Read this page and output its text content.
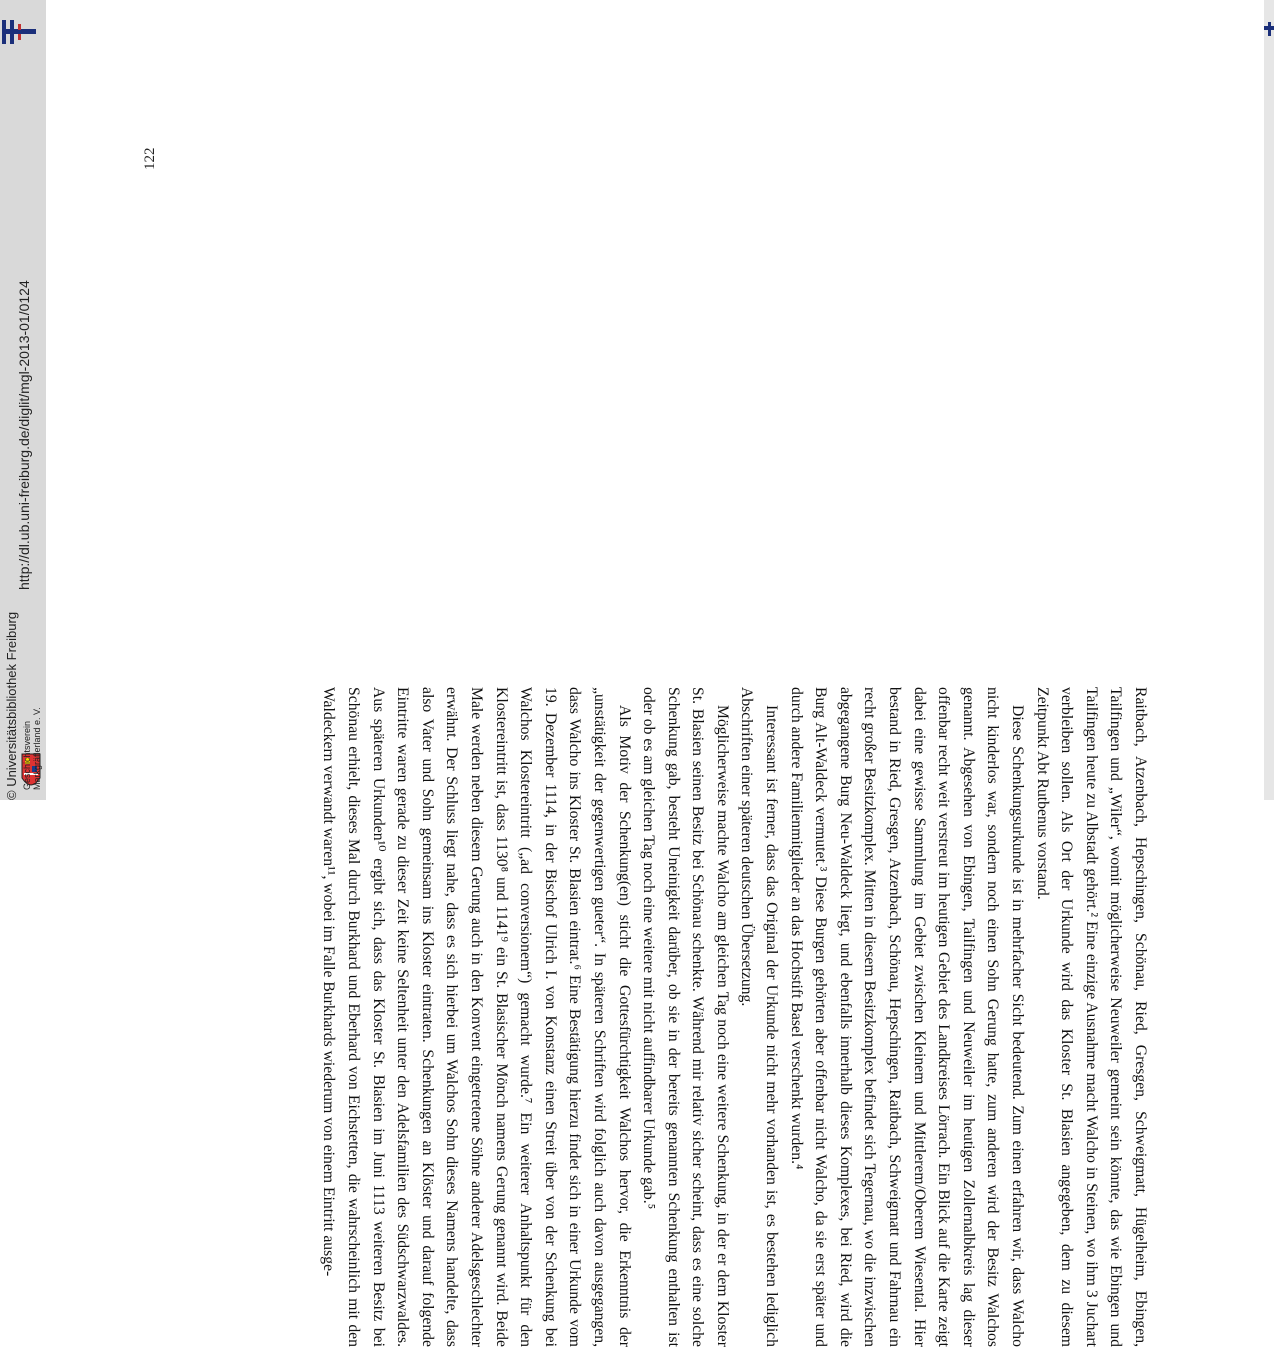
Geschichtsverein Markgräflerland e. V.
http://dl.ub.uni-freiburg.de/diglit/mgl-2013-01/0124
© Universitätsbibliothek Freiburg	Raitbach, Atzenbach, Hepschingen, Schönau, Ried, Gresgen, Schweigmatt, Hügelheim, Ebingen, Tailfingen und „Wiler“, womit möglicherweise Neuweiler gemeint sein könnte, das wie Ebingen und Tailfingen heute zu Albstadt gehört.² Eine einzige Ausnahme macht Walcho in Steinen, wo ihm 3 Juchart verbleiben sollen. Als Ort der Urkunde wird das Kloster St. Blasien angegeben, dem zu diesem Zeitpunkt Abt Rutbenus vorstand.

Diese Schenkungsurkunde ist in mehrfacher Sicht bedeutend. Zum einen erfahren wir, dass Walcho nicht kinderlos war, sondern noch einen Sohn Gerung hatte, zum anderen wird der Besitz Walchos genannt. Abgesehen von Ebingen, Tailfingen und Neuweiler im heutigen Zollernalbkreis lag dieser offenbar recht weit verstreut im heutigen Gebiet des Landkreises Lörrach. Ein Blick auf die Karte zeigt dabei eine gewisse Sammlung im Gebiet zwischen Kleinem und Mittlerem/Oberem Wiesental. Hier bestand in Ried, Gresgen, Atzenbach, Schönau, Hepschingen, Raitbach, Schweigmatt und Fahrnau ein recht großer Besitzkomplex. Mitten in diesem Besitzkomplex befindet sich Tegernau, wo die inzwischen abgegangene Burg Neu-Waldeck liegt, und ebenfalls innerhalb dieses Komplexes, bei Ried, wird die Burg Alt-Waldeck vermutet.³ Diese Burgen gehörten aber offenbar nicht Walcho, da sie erst später und durch andere Familienmitglieder an das Hochstift Basel verschenkt wurden.⁴

Interessant ist ferner, dass das Original der Urkunde nicht mehr vorhanden ist, es bestehen lediglich Abschriften einer späteren deutschen Übersetzung.

Möglicherweise machte Walcho am gleichen Tag noch eine weitere Schenkung, in der er dem Kloster St. Blasien seinen Besitz bei Schönau schenkte. Während mir relativ sicher scheint, dass es eine solche Schenkung gab, besteht Uneinigkeit darüber, ob sie in der bereits genannten Schenkung enthalten ist oder ob es am gleichen Tag noch eine weitere mit nicht auffindbarer Urkunde gab.⁵

Als Motiv der Schenkung(en) sticht die Gottesfürchtigkeit Walchos hervor, die Erkenntnis der „unstätigkeit der gegenwertigen gueter“. In späteren Schriften wird folglich auch davon ausgegangen, dass Walcho ins Kloster St. Blasien eintrat.⁶ Eine Bestätigung hierzu findet sich in einer Urkunde vom 19. Dezember 1114, in der Bischof Ulrich I. von Konstanz einen Streit über von der Schenkung bei Walchos Klostereintritt („ad conversionem“) gemacht wurde.⁷ Ein weiterer Anhaltspunkt für den Klostereintritt ist, dass 1130⁸ und 1141⁹ ein St. Blasischer Mönch namens Gerung genannt wird. Beide Male werden neben diesem Gerung auch in den Konvent eingetretene Söhne anderer Adelsgeschlechter erwähnt. Der Schluss liegt nahe, dass es sich hierbei um Walchos Sohn dieses Namens handelte, dass also Vater und Sohn gemeinsam ins Kloster eintraten. Schenkungen an Klöster und darauf folgende Eintritte waren gerade zu dieser Zeit keine Seltenheit unter den Adelsfamilien des Südschwarzwaldes. Aus späteren Urkunden¹⁰ ergibt sich, dass das Kloster St. Blasien im Juni 1113 weiteren Besitz bei Schönau erhielt, dieses Mal durch Burkhard und Eberhard von Eichstetten, die wahrscheinlich mit den Waldeckern verwandt waren¹¹, wobei im Falle Burkhards wiederum von einem Eintritt ausge-

122
